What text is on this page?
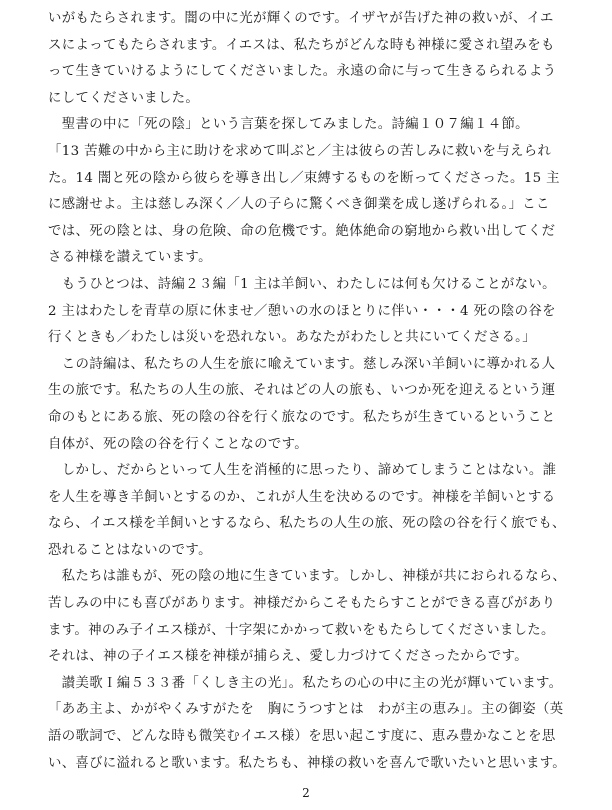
いがもたらされます。闇の中に光が輝くのです。イザヤが告げた神の救いが、イエ
スによってもたらされます。イエスは、私たちがどんな時も神様に愛され望みをも
って生きていけるようにしてくださいました。永遠の命に与って生きるられるよう
にしてくださいました。
　聖書の中に「死の陰」という言葉を探してみました。詩編１０７編１４節。
「13 苦難の中から主に助けを求めて叫ぶと／主は彼らの苦しみに救いを与えられ
た。14 闇と死の陰から彼らを導き出し／束縛するものを断ってくださった。15 主
に感謝せよ。主は慈しみ深く／人の子らに驚くべき御業を成し遂げられる。」ここ
では、死の陰とは、身の危険、命の危機です。絶体絶命の窮地から救い出してくだ
さる神様を讃えています。
　もうひとつは、詩編２３編「1 主は羊飼い、わたしには何も欠けることがない。
2 主はわたしを青草の原に休ませ／憩いの水のほとりに伴い・・・4 死の陰の谷を
行くときも／わたしは災いを恐れない。あなたがわたしと共にいてくださる。」
　この詩編は、私たちの人生を旅に喩えています。慈しみ深い羊飼いに導かれる人
生の旅です。私たちの人生の旅、それはどの人の旅も、いつか死を迎えるという運
命のもとにある旅、死の陰の谷を行く旅なのです。私たちが生きているということ
自体が、死の陰の谷を行くことなのです。
　しかし、だからといって人生を消極的に思ったり、諦めてしまうことはない。誰
を人生を導き羊飼いとするのか、これが人生を決めるのです。神様を羊飼いとする
なら、イエス様を羊飼いとするなら、私たちの人生の旅、死の陰の谷を行く旅でも、
恐れることはないのです。
　私たちは誰もが、死の陰の地に生きています。しかし、神様が共におられるなら、
苦しみの中にも喜びがあります。神様だからこそもたらすことができる喜びがあり
ます。神のみ子イエス様が、十字架にかかって救いをもたらしてくださいました。
それは、神の子イエス様を神様が捕らえ、愛し力づけてくださったからです。
　讃美歌Ｉ編５３３番「くしき主の光」。私たちの心の中に主の光が輝いています。
「ああ主よ、かがやくみすがたを　胸にうつすとは　わが主の恵み」。主の御姿（英
語の歌詞で、どんな時も微笑むイエス様）を思い起こす度に、恵み豊かなことを思
い、喜びに溢れると歌います。私たちも、神様の救いを喜んで歌いたいと思います。
2
